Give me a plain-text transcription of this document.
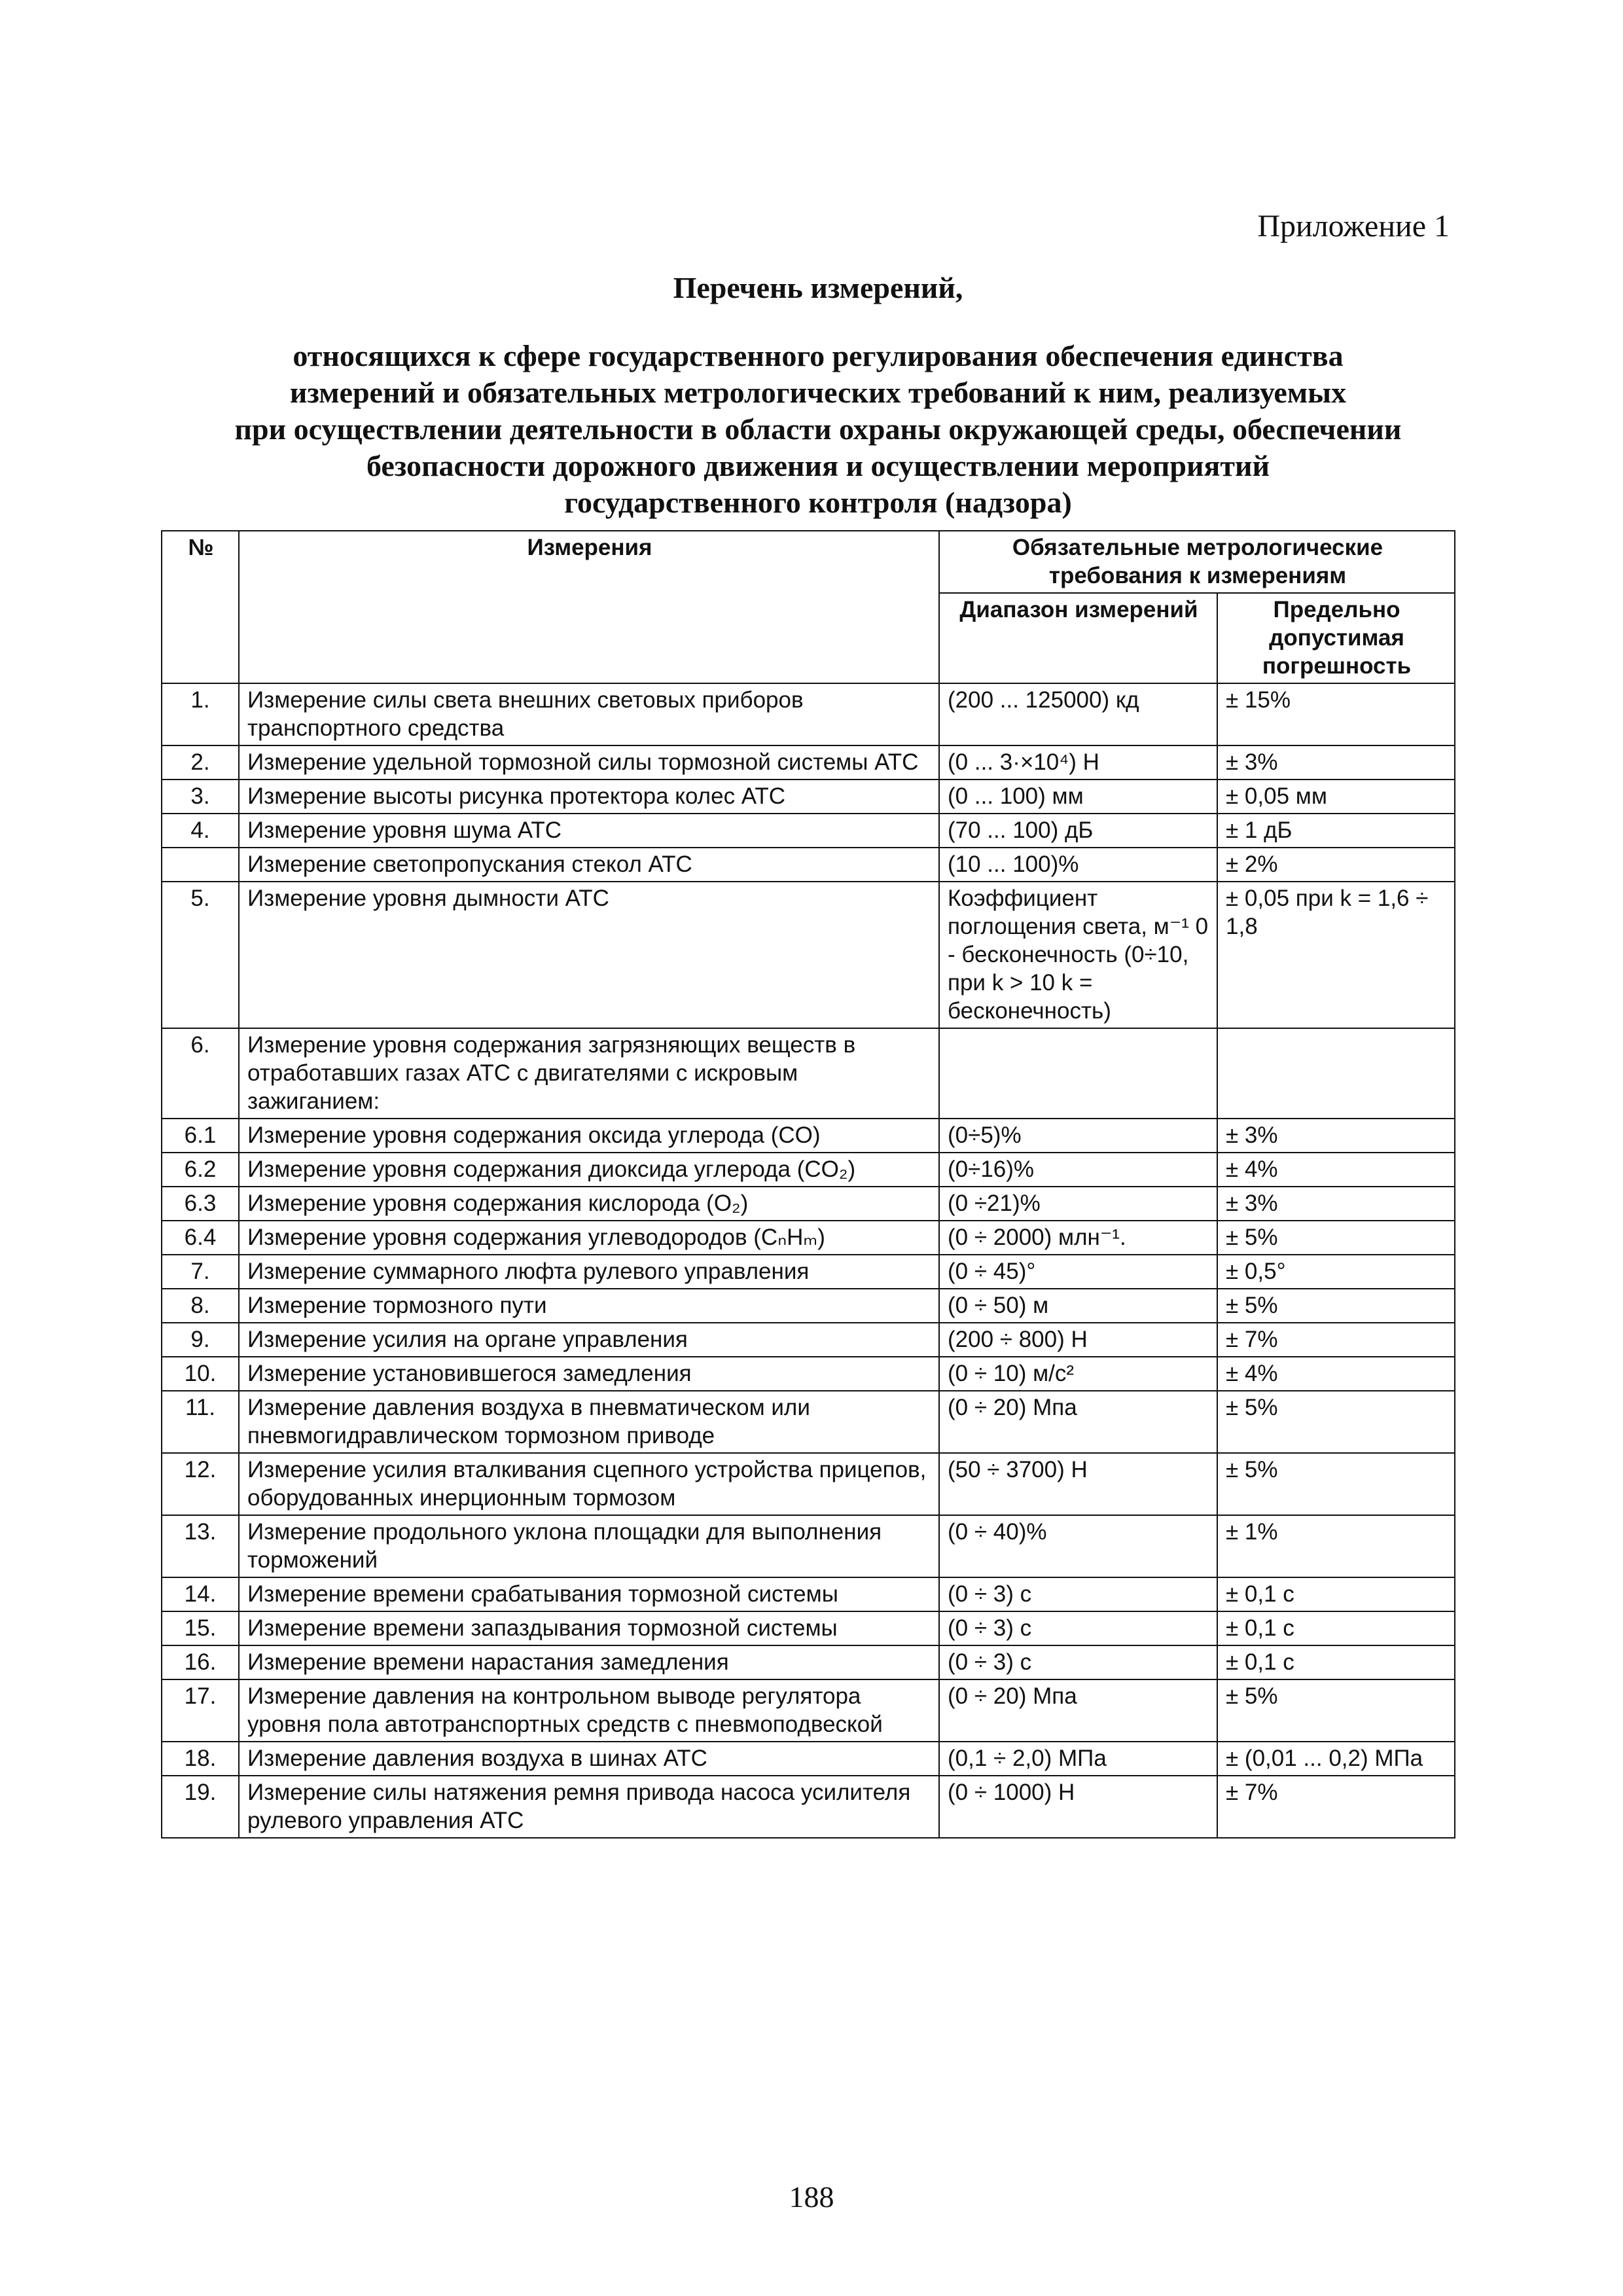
Приложение 1
Перечень измерений,
относящихся к сфере государственного регулирования обеспечения единства
измерений и обязательных метрологических требований к ним, реализуемых
при осуществлении деятельности в области охраны окружающей среды, обеспечении
безопасности дорожного движения и осуществлении мероприятий
государственного контроля (надзора)
№	Измерения	Обязательные метрологические требования к измерениям	
		Диапазон измерений	Предельно допустимая погрешность
1.	Измерение силы света внешних световых приборов транспортного средства	(200 ... 125000) кд	± 15%
2.	Измерение удельной тормозной силы тормозной системы АТС	(0 ... 3·×10⁴) Н	± 3%
3.	Измерение высоты рисунка протектора колес АТС	(0 ... 100) мм	± 0,05 мм
4.	Измерение уровня шума АТС	(70 ... 100) дБ	± 1 дБ
	Измерение светопропускания стекол АТС	(10 ... 100)%	± 2%
5.	Измерение уровня дымности АТС	Коэффициент поглощения света, м⁻¹ 0 - бесконечность (0÷10, при k > 10 k = бесконечность)	± 0,05 при k = 1,6 ÷ 1,8
6.	Измерение уровня содержания загрязняющих веществ в отработавших газах АТС с двигателями с искровым зажиганием:		
6.1	Измерение уровня содержания оксида углерода (CO)	(0÷5)%	± 3%
6.2	Измерение уровня содержания диоксида углерода (CO₂)	(0÷16)%	± 4%
6.3	Измерение уровня содержания кислорода (O₂)	(0 ÷21)%	± 3%
6.4	Измерение уровня содержания углеводородов (CₙHₘ)	(0 ÷ 2000) млн⁻¹.	± 5%
7.	Измерение суммарного люфта рулевого управления	(0 ÷ 45)°	± 0,5°
8.	Измерение тормозного пути	(0 ÷ 50) м	± 5%
9.	Измерение усилия на органе управления	(200 ÷ 800) Н	± 7%
10.	Измерение установившегося замедления	(0 ÷ 10) м/с²	± 4%
11.	Измерение давления воздуха в пневматическом или пневмогидравлическом тормозном приводе	(0 ÷ 20) Мпа	± 5%
12.	Измерение усилия вталкивания сцепного устройства прицепов, оборудованных инерционным тормозом	(50 ÷ 3700) Н	± 5%
13.	Измерение продольного уклона площадки для выполнения торможений	(0 ÷ 40)%	± 1%
14.	Измерение времени срабатывания тормозной системы	(0 ÷ 3) с	± 0,1 с
15.	Измерение времени запаздывания тормозной системы	(0 ÷ 3) с	± 0,1 с
16.	Измерение времени нарастания замедления	(0 ÷ 3) с	± 0,1 с
17.	Измерение давления на контрольном выводе регулятора уровня пола автотранспортных средств с пневмоподвеской	(0 ÷ 20) Мпа	± 5%
18.	Измерение давления воздуха в шинах АТС	(0,1 ÷ 2,0) МПа	± (0,01 ... 0,2) МПа
19.	Измерение силы натяжения ремня привода насоса усилителя рулевого управления АТС	(0 ÷ 1000) Н	± 7%
188
